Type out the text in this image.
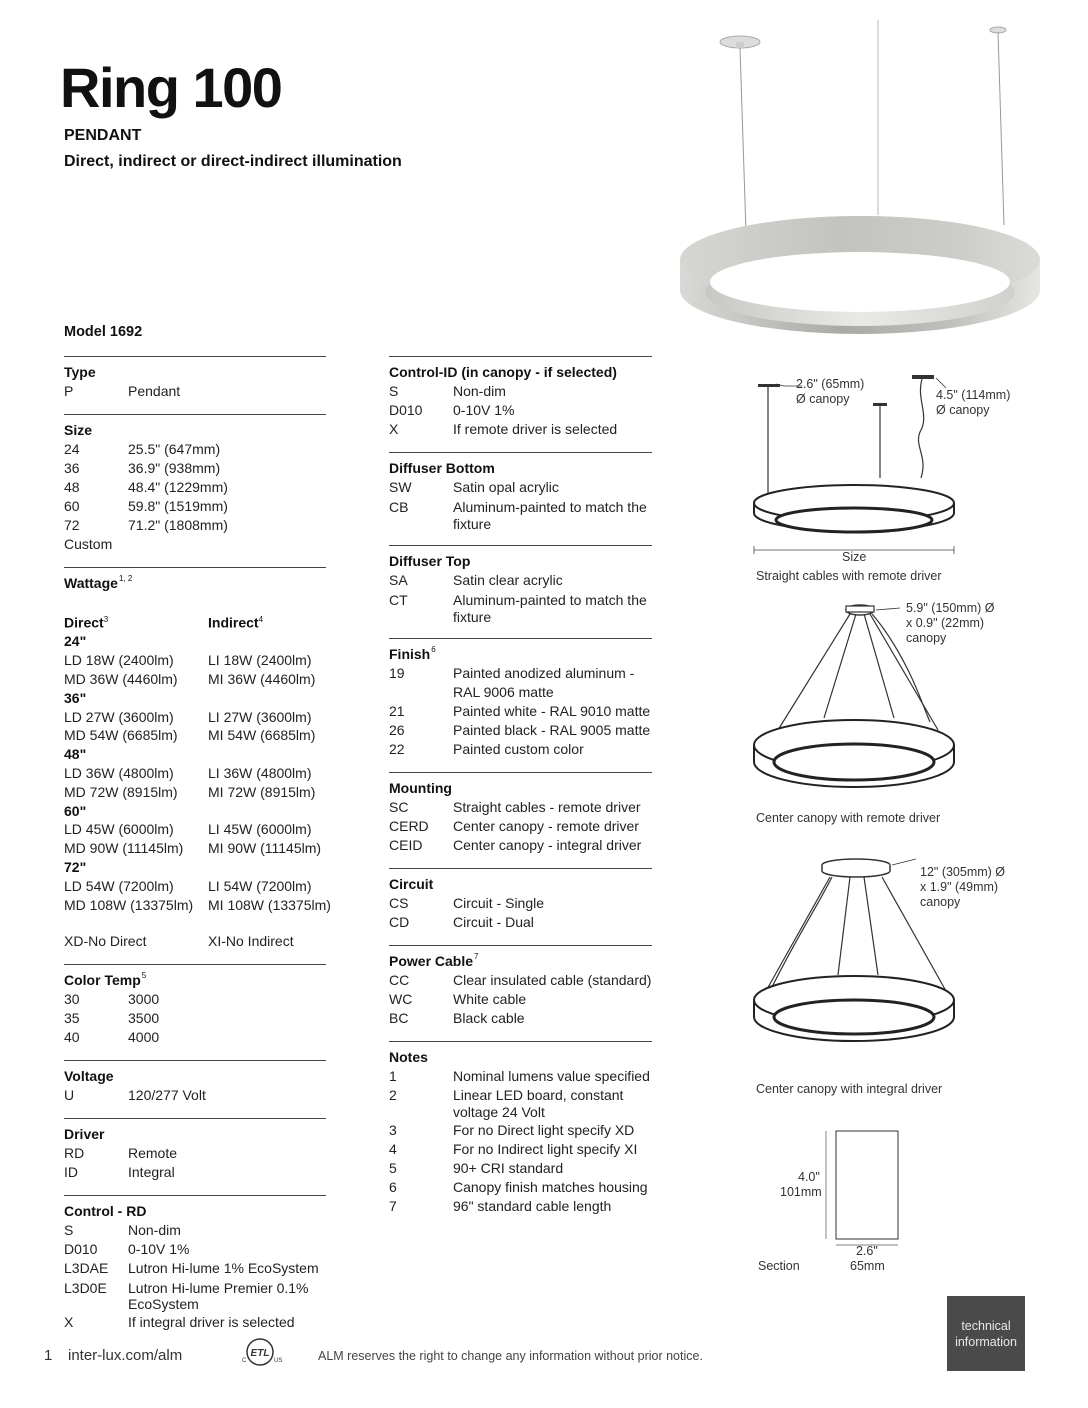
Ring 100
PENDANT
Direct, indirect or direct-indirect illumination
Model 1692
Type
P	Pendant
Size
24	25.5" (647mm)
36	36.9" (938mm)
48	48.4" (1229mm)
60	59.8" (1519mm)
72	71.2" (1808mm)
Custom
Wattage$^{1, 2}$
Direct$^3$	Indirect$^4$
24"
LD 18W (2400lm)	LI 18W (2400lm)
MD 36W (4460lm)	MI 36W (4460lm)
36"
LD 27W (3600lm)	LI 27W (3600lm)
MD 54W (6685lm)	MI 54W (6685lm)
48"
LD 36W (4800lm)	LI 36W (4800lm)
MD 72W (8915lm)	MI 72W (8915lm)
60"
LD 45W (6000lm)	LI 45W (6000lm)
MD 90W (11145lm)	MI 90W (11145lm)
72"
LD 54W (7200lm)	LI 54W (7200lm)
MD 108W (13375lm)	MI 108W (13375lm)
XD-No Direct	XI-No Indirect
Color Temp$^5$
30	3000
35	3500
40	4000
Voltage
U	120/277 Volt
Driver
RD	Remote
ID	Integral
Control - RD
S	Non-dim
D010	0-10V 1%
L3DAE	Lutron Hi-lume 1% EcoSystem
L3D0E	Lutron Hi-lume Premier 0.1% EcoSystem
X	If integral driver is selected
Control-ID (in canopy - if selected)
S	Non-dim
D010	0-10V 1%
X	If remote driver is selected
Diffuser Bottom
SW	Satin opal acrylic
CB	Aluminum-painted to match the fixture
Diffuser Top
SA	Satin clear acrylic
CT	Aluminum-painted to match the fixture
Finish$^6$
19	Painted anodized aluminum - RAL 9006 matte
21	Painted white - RAL 9010 matte
26	Painted black - RAL 9005 matte
22	Painted custom color
Mounting
SC	Straight cables - remote driver
CERD	Center canopy - remote driver
CEID	Center canopy - integral driver
Circuit
CS	Circuit - Single
CD	Circuit - Dual
Power Cable$^7$
CC	Clear insulated cable (standard)
WC	White cable
BC	Black cable
Notes
1	Nominal lumens value specified
2	Linear LED board, constant voltage 24 Volt
3	For no Direct light specify XD
4	For no Indirect light specify XI
5	90+ CRI standard
6	Canopy finish matches housing
7	96" standard cable length
2.6" (65mm)
Ø canopy	4.5" (114mm)
Ø canopy
Size
Straight cables with remote driver
5.9" (150mm) Ø
x 0.9" (22mm)
canopy
Center canopy with remote driver
12" (305mm) Ø
x 1.9" (49mm)
canopy
Center canopy with integral driver
4.0"
101mm
2.6"
65mm
Section
1 inter-lux.com/alm	ETL
C	US	ALM reserves the right to change any information without prior notice.
technical
information
